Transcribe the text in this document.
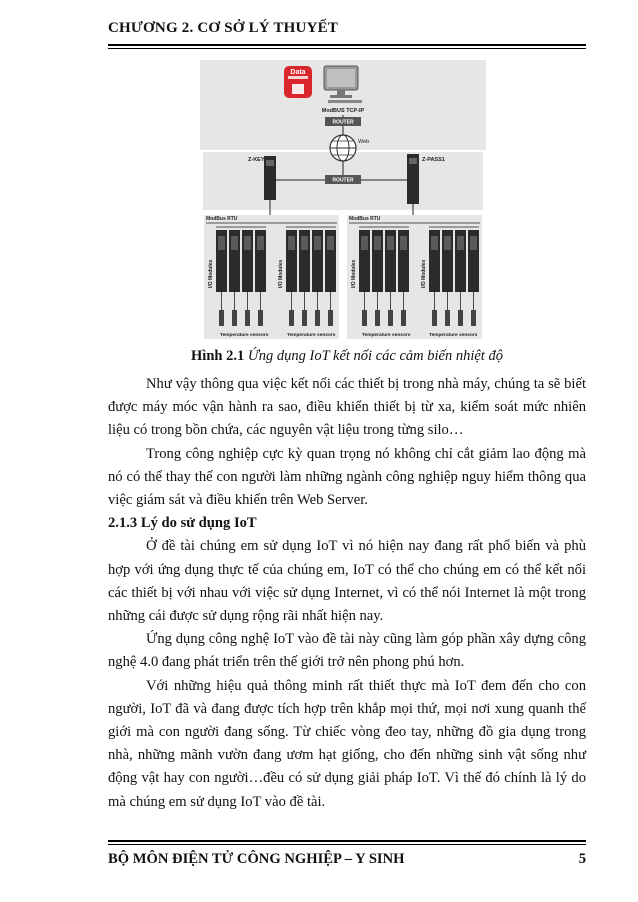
CHƯƠNG 2. CƠ SỞ LÝ THUYẾT
Data
ModBUS TCP-IP
ROUTER
Web
Z-KEY	Z-PASS1
ROUTER
ModBus RTU	ModBus RTU
I/O Modules	I/O Modules	I/O Modules	I/O Modules
Temperature sensors	Temperature sensors	Temperature sensors	Temperature sensors
Hình 2.1 Ứng dụng IoT kết nối các cảm biến nhiệt độ

Như vậy thông qua việc kết nối các thiết bị trong nhà máy, chúng ta sẽ biết được máy móc vận hành ra sao, điều khiển thiết bị từ xa, kiểm soát mức nhiên liệu có trong bồn chứa, các nguyên vật liệu trong từng silo…

Trong công nghiệp cực kỳ quan trọng nó không chỉ cắt giảm lao động mà nó có thể thay thế con người làm những ngành công nghiệp nguy hiểm thông qua việc giám sát và điều khiển trên Web Server.

2.1.3 Lý do sử dụng IoT

Ở đề tài chúng em sử dụng IoT vì nó hiện nay đang rất phổ biến và phù hợp với ứng dụng thực tế của chúng em, IoT có thể cho chúng em có thể kết nối các thiết bị với nhau với việc sử dụng Internet, vì có thể nói Internet là một trong những cái được sử dụng rộng rãi nhất hiện nay.

Ứng dụng công nghệ IoT vào đề tài này cũng làm góp phần xây dựng công nghệ 4.0 đang phát triển trên thế giới trở nên phong phú hơn.

Với những hiệu quả thông minh rất thiết thực mà IoT đem đến cho con người, IoT đã và đang được tích hợp trên khắp mọi thứ, mọi nơi xung quanh thế giới mà con người đang sống. Từ chiếc vòng đeo tay, những đồ gia dụng trong nhà, những mãnh vườn đang ươm hạt giống, cho đến những sinh vật sống như động vật hay con người…đều có sử dụng giải pháp IoT. Vì thế đó chính là lý do mà chúng em sử dụng IoT vào đề tài.

BỘ MÔN ĐIỆN TỬ CÔNG NGHIỆP – Y SINH	5
